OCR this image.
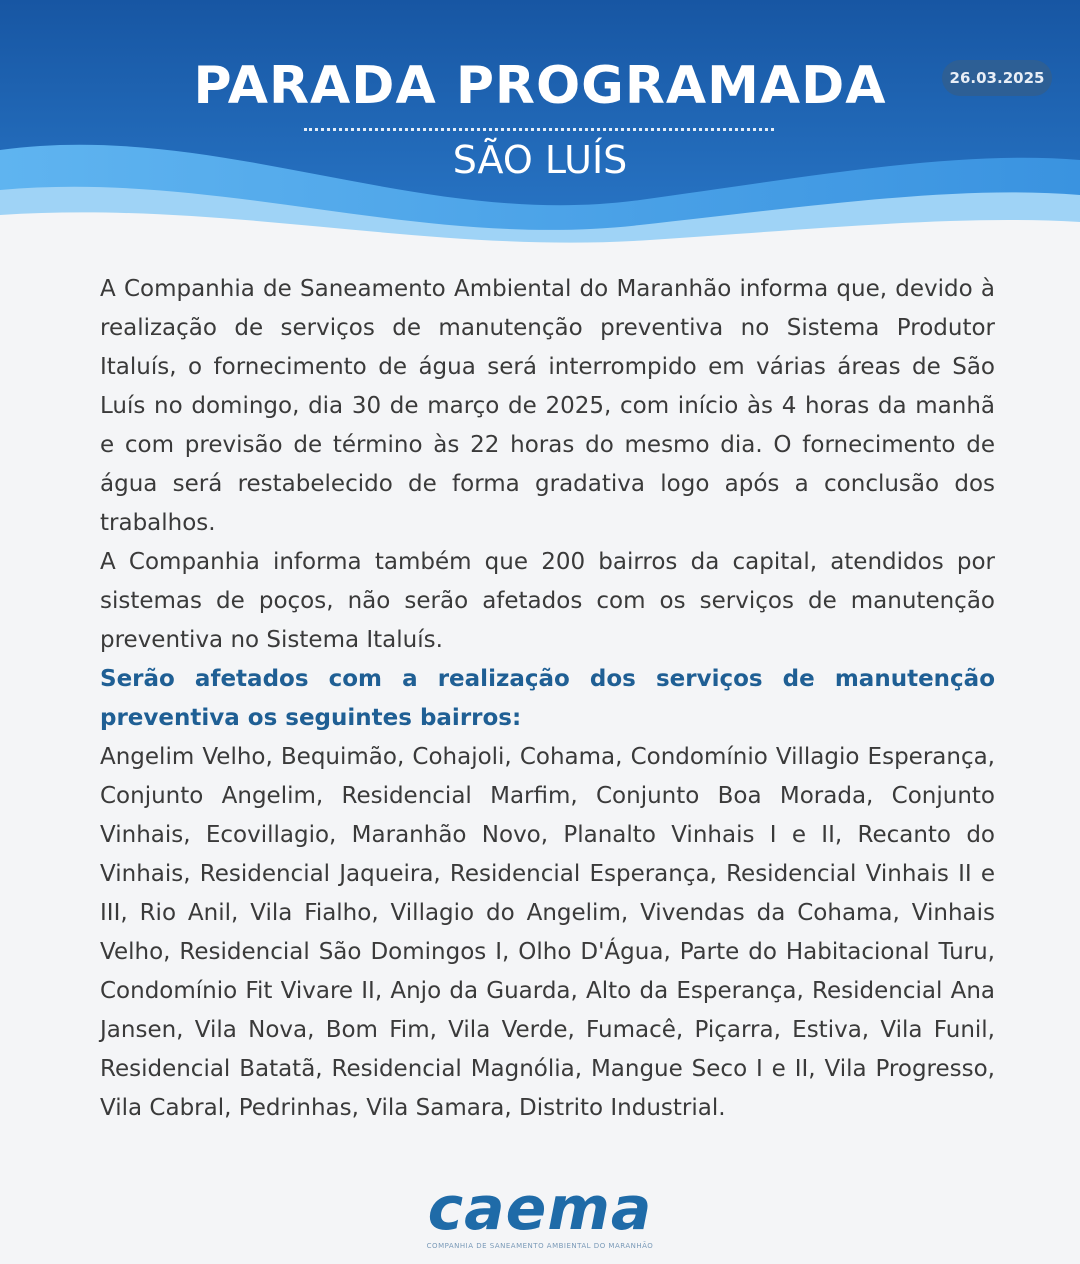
PARADA PROGRAMADA
SÃO LUÍS
26.03.2025

A Companhia de Saneamento Ambiental do Maranhão informa que, devido à realização de serviços de manutenção preventiva no Sistema Produtor Italuís, o fornecimento de água será interrompido em várias áreas de São Luís no domingo, dia 30 de março de 2025, com início às 4 horas da manhã e com previsão de término às 22 horas do mesmo dia. O fornecimento de água será restabelecido de forma gradativa logo após a conclusão dos trabalhos.

A Companhia informa também que 200 bairros da capital, atendidos por sistemas de poços, não serão afetados com os serviços de manutenção preventiva no Sistema Italuís.

Serão afetados com a realização dos serviços de manutenção preventiva os seguintes bairros:

Angelim Velho, Bequimão, Cohajoli, Cohama, Condomínio Villagio Esperança, Conjunto Angelim, Residencial Marfim, Conjunto Boa Morada, Conjunto Vinhais, Ecovillagio, Maranhão Novo, Planalto Vinhais I e II, Recanto do Vinhais, Residencial Jaqueira, Residencial Esperança, Residencial Vinhais II e III, Rio Anil, Vila Fialho, Villagio do Angelim, Vivendas da Cohama, Vinhais Velho, Residencial São Domingos I, Olho D'Água, Parte do Habitacional Turu, Condomínio Fit Vivare II, Anjo da Guarda, Alto da Esperança, Residencial Ana Jansen, Vila Nova, Bom Fim, Vila Verde, Fumacê, Piçarra, Estiva, Vila Funil, Residencial Batatã, Residencial Magnólia, Mangue Seco I e II, Vila Progresso, Vila Cabral, Pedrinhas, Vila Samara, Distrito Industrial.

caema
COMPANHIA DE SANEAMENTO AMBIENTAL DO MARANHÃO
